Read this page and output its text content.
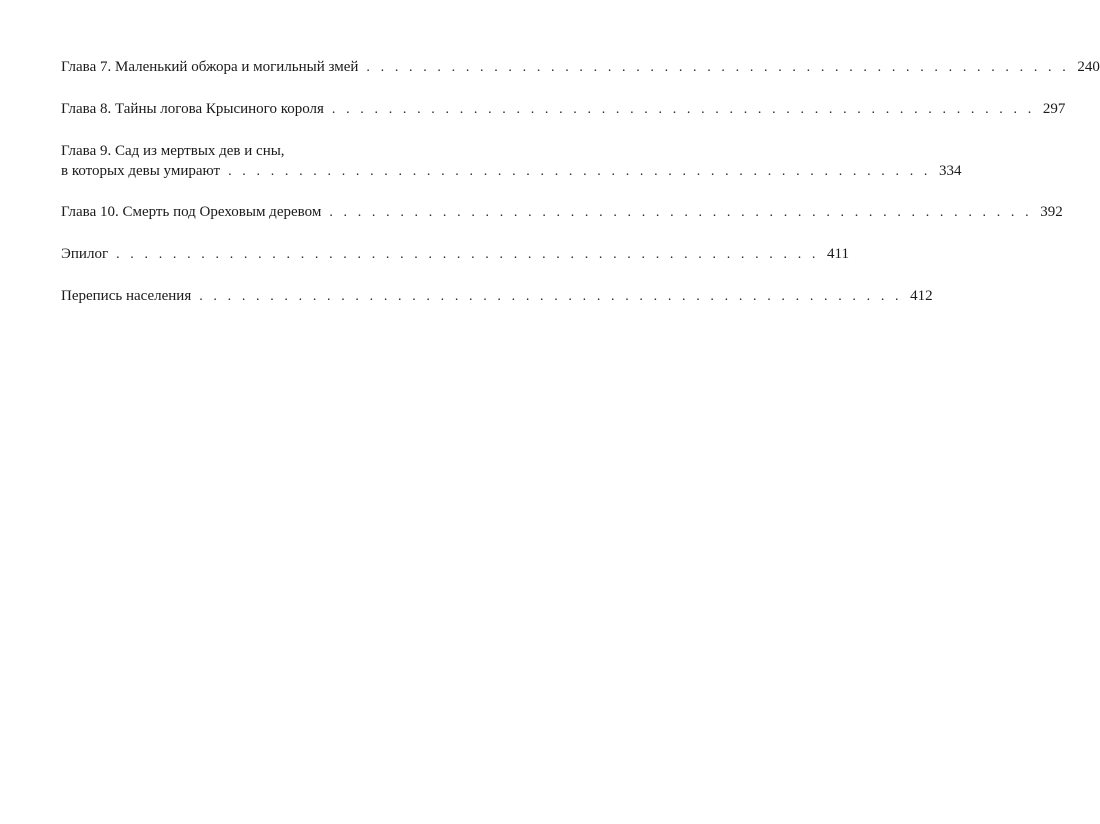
Глава 7. Маленький обжора и могильный змей . . . . . . . . . . . . . . . . . . . . . . . . . . . . . . . . . . . . . . . . . . . . . . . . . . 240
Глава 8. Тайны логова Крысиного короля . . . . . . . . . . . . . . . . . . . . . . . . . . . . . . . . . . . . . . . . . . . . . . . . . . 297
Глава 9. Сад из мертвых дев и сны,
в которых девы умирают . . . . . . . . . . . . . . . . . . . . . . . . . . . . . . . . . . . . . . . . . . . . . . . . . . 334
Глава 10. Смерть под Ореховым деревом . . . . . . . . . . . . . . . . . . . . . . . . . . . . . . . . . . . . . . . . . . . . . . . . . . 392
Эпилог . . . . . . . . . . . . . . . . . . . . . . . . . . . . . . . . . . . . . . . . . . . . . . . . . . 411
Перепись населения . . . . . . . . . . . . . . . . . . . . . . . . . . . . . . . . . . . . . . . . . . . . . . . . . . 412
